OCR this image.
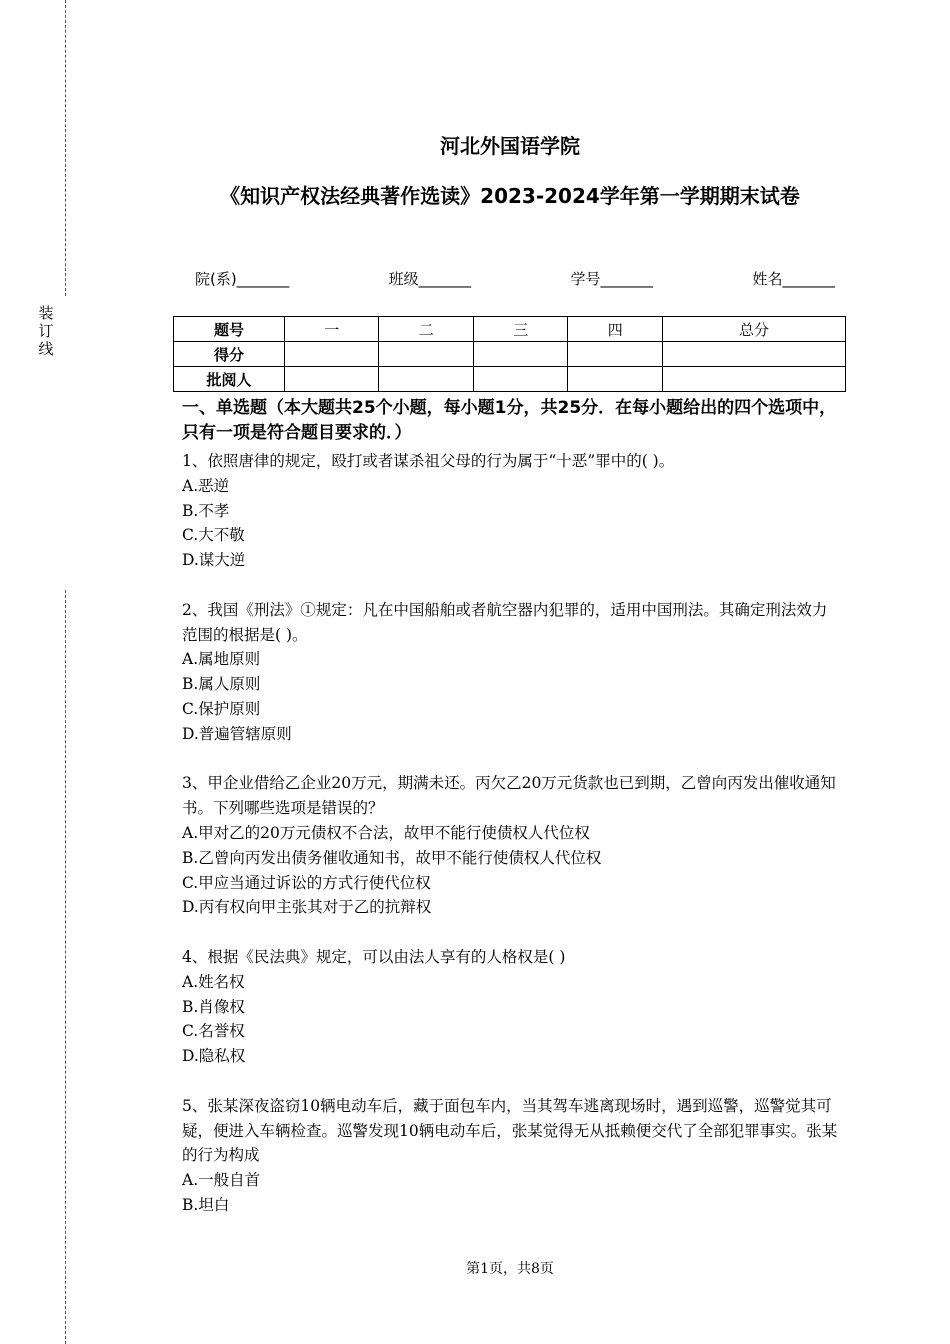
装订线
河北外国语学院
《知识产权法经典著作选读》2023-2024学年第一学期期末试卷
院(系)_______	班级_______	学号_______	姓名_______
题号	一	二	三	四	总分
得分					
批阅人					
一、单选题（本大题共25个小题，每小题1分，共25分．在每小题给出的四个选项中，只有一项是符合题目要求的．）

1、依照唐律的规定，殴打或者谋杀祖父母的行为属于“十恶”罪中的( )。

A.恶逆

B.不孝

C.大不敬

D.谋大逆

2、我国《刑法》①规定：凡在中国船舶或者航空器内犯罪的，适用中国刑法。其确定刑法效力范围的根据是( )。

A.属地原则

B.属人原则

C.保护原则

D.普遍管辖原则

3、甲企业借给乙企业20万元，期满未还。丙欠乙20万元货款也已到期，乙曾向丙发出催收通知书。下列哪些选项是错误的？

A.甲对乙的20万元债权不合法，故甲不能行使债权人代位权

B.乙曾向丙发出债务催收通知书，故甲不能行使债权人代位权

C.甲应当通过诉讼的方式行使代位权

D.丙有权向甲主张其对于乙的抗辩权

4、根据《民法典》规定，可以由法人享有的人格权是( )

A.姓名权

B.肖像权

C.名誉权

D.隐私权

5、张某深夜盗窃10辆电动车后，藏于面包车内，当其驾车逃离现场时，遇到巡警，巡警觉其可疑，便进入车辆检查。巡警发现10辆电动车后，张某觉得无从抵赖便交代了全部犯罪事实。张某的行为构成

A.一般自首

B.坦白

第1页，共8页
